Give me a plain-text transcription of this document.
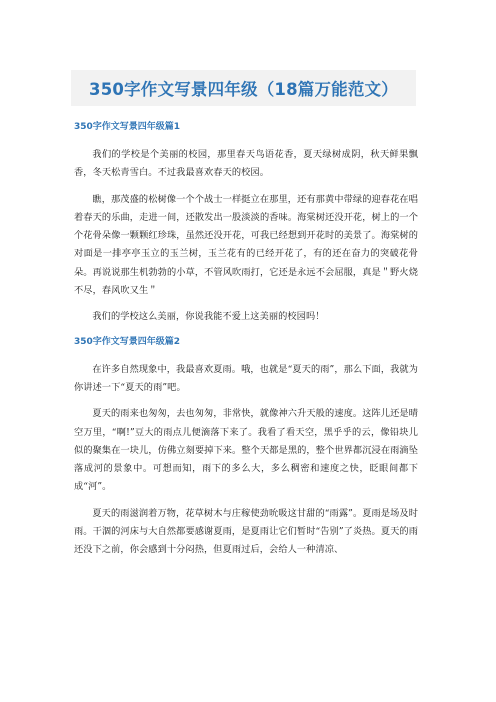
350字作文写景四年级（18篇万能范文）
350字作文写景四年级篇1

我们的学校是个美丽的校园，那里春天鸟语花香，夏天绿树成阴，秋天鲜果飘香，冬天松青雪白。不过我最喜欢春天的校园。

瞧，那茂盛的松树像一个个战士一样挺立在那里，还有那黄中带绿的迎春花在唱着春天的乐曲，走进一间，还散发出一股淡淡的香味。海棠树还没开花，树上的一个个花骨朵像一颗颗红珍珠，虽然还没开花，可我已经想到开花时的美景了。海棠树的对面是一排亭亭玉立的玉兰树，玉兰花有的已经开花了，有的还在奋力的突破花骨朵。再说说那生机勃勃的小草，不管风吹雨打，它还是永远不会屈服，真是＂野火烧不尽，春风吹又生＂

我们的学校这么美丽，你说我能不爱上这美丽的校园吗！

350字作文写景四年级篇2

在许多自然现象中，我最喜欢夏雨。哦，也就是“夏天的雨”，那么下面，我就为你讲述一下“夏天的雨”吧。

夏天的雨来也匆匆，去也匆匆，非常快，就像神六升天般的速度。这阵儿还是晴空万里，“啊!”豆大的雨点儿便滴落下来了。我看了看天空，黑乎乎的云，像铅块儿似的聚集在一块儿，仿佛立刻要掉下来。整个天都是黑的，整个世界都沉浸在雨滴坠落成河的景象中。可想而知，雨下的多么大，多么稠密和速度之快，眨眼间都下成“河”。

夏天的雨滋润着万物，花草树木与庄稼使劲吮吸这甘甜的“雨露”。夏雨是场及时雨。干涸的河床与大自然都要感谢夏雨，是夏雨让它们暂时“告别”了炎热。夏天的雨还没下之前，你会感到十分闷热，但夏雨过后，会给人一种清凉、
